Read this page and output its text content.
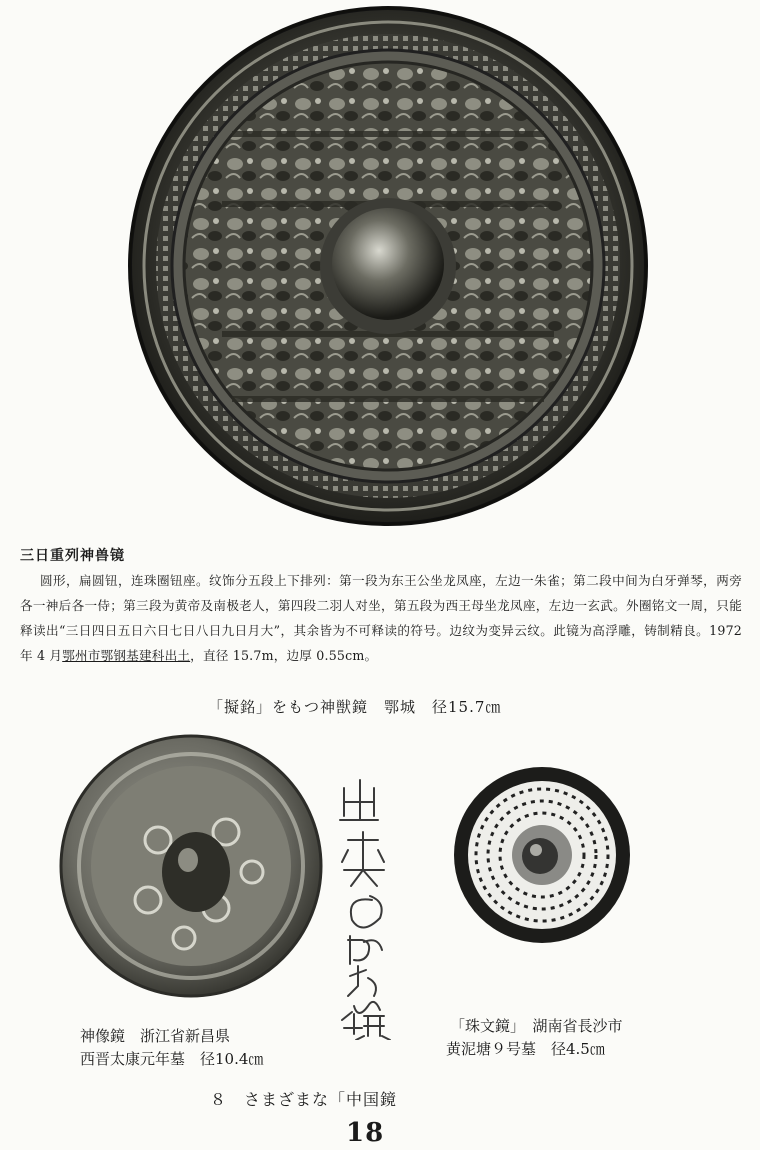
三日重列神兽镜
圆形，扁圆钮，连珠圈钮座。纹饰分五段上下排列：第一段为东王公坐龙凤座，左边一朱雀；第二段中间为白牙弹琴，两旁各一神后各一侍；第三段为黄帝及南极老人，第四段二羽人对坐，第五段为西王母坐龙凤座，左边一玄武。外圈铭文一周，只能释读出“三日四日五日六日七日八日九日月大”，其余皆为不可释读的符号。边纹为变异云纹。此镜为高浮雕，铸制精良。1972 年 4 月鄂州市鄂钢基建科出土，直径 15.7m，边厚 0.55cm。
「擬銘」をもつ神獣鏡　鄂城　径15.7㎝
神像鏡　浙江省新昌県
西晋太康元年墓　径10.4㎝
「珠文鏡」　湖南省長沙市
黄泥塘９号墓　径4.5㎝
８　さまざまな「中国鏡
18
